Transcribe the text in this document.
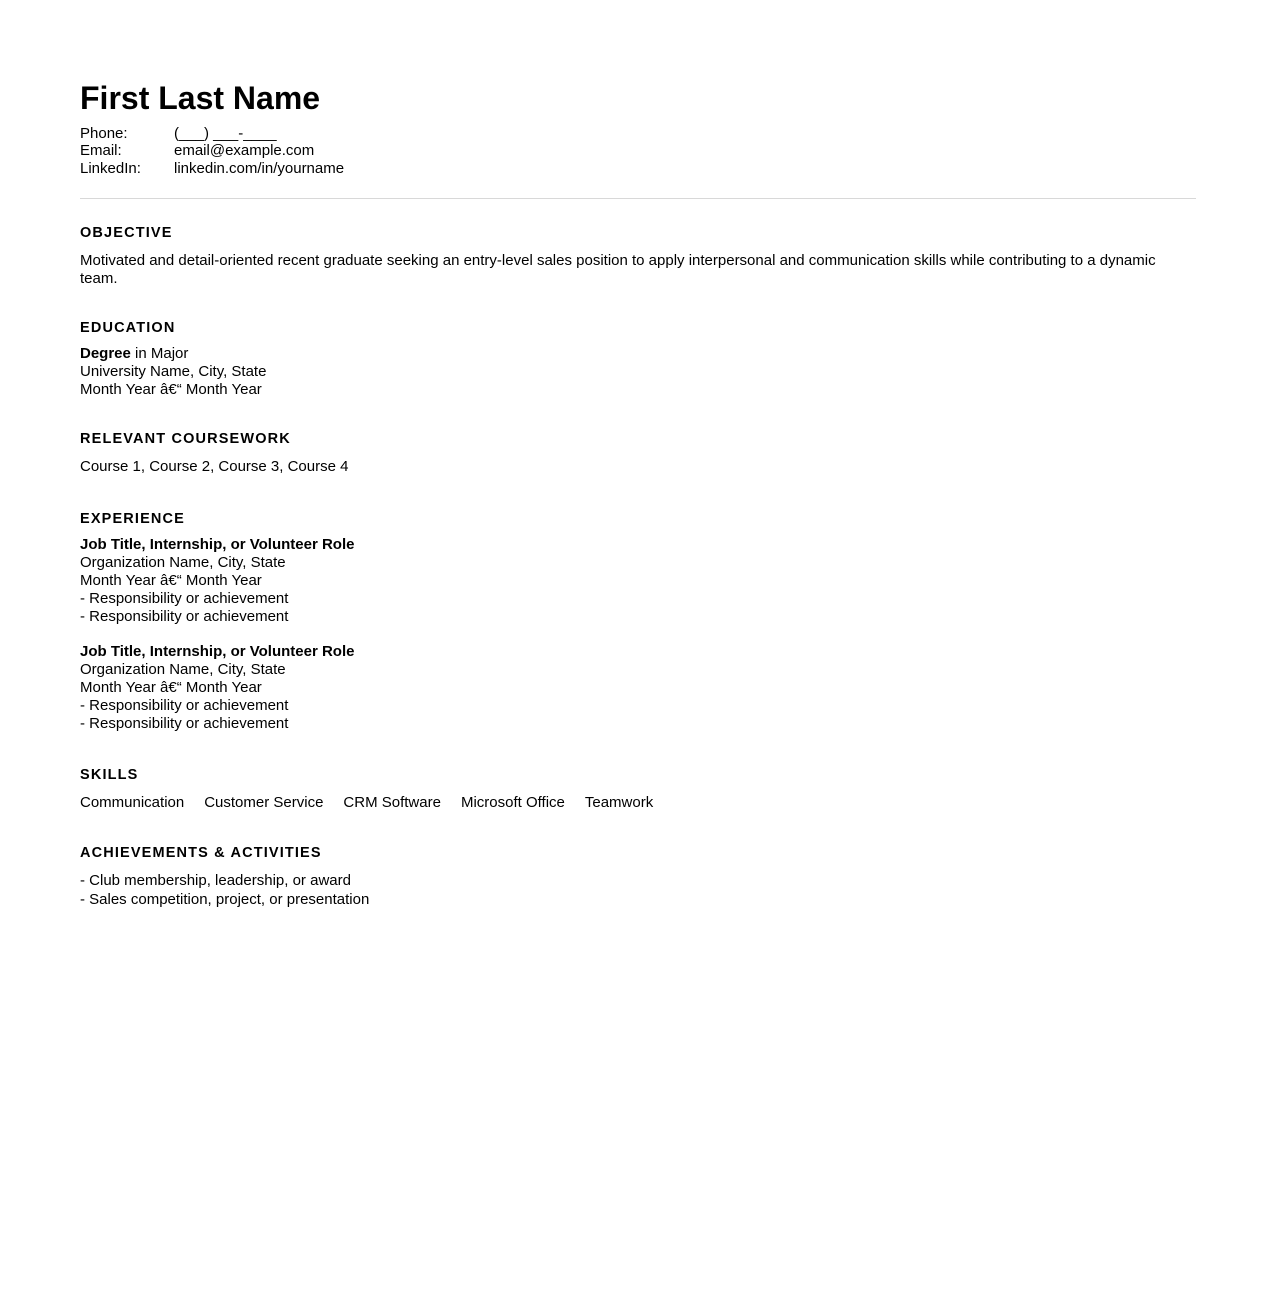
First Last Name
Phone:	(___) ___-____
Email:	email@example.com
LinkedIn:	linkedin.com/in/yourname
OBJECTIVE

Motivated and detail-oriented recent graduate seeking an entry-level sales position to apply interpersonal and communication skills while contributing to a dynamic team.

EDUCATION
Degree in Major
University Name, City, State
Month Year â€“ Month Year
RELEVANT COURSEWORK

Course 1, Course 2, Course 3, Course 4

EXPERIENCE
Job Title, Internship, or Volunteer Role
Organization Name, City, State
Month Year â€“ Month Year
- Responsibility or achievement
- Responsibility or achievement
Job Title, Internship, or Volunteer Role
Organization Name, City, State
Month Year â€“ Month Year
- Responsibility or achievement
- Responsibility or achievement
SKILLS
Communication Customer Service CRM Software Microsoft Office Teamwork
ACHIEVEMENTS & ACTIVITIES
- Club membership, leadership, or award
- Sales competition, project, or presentation
